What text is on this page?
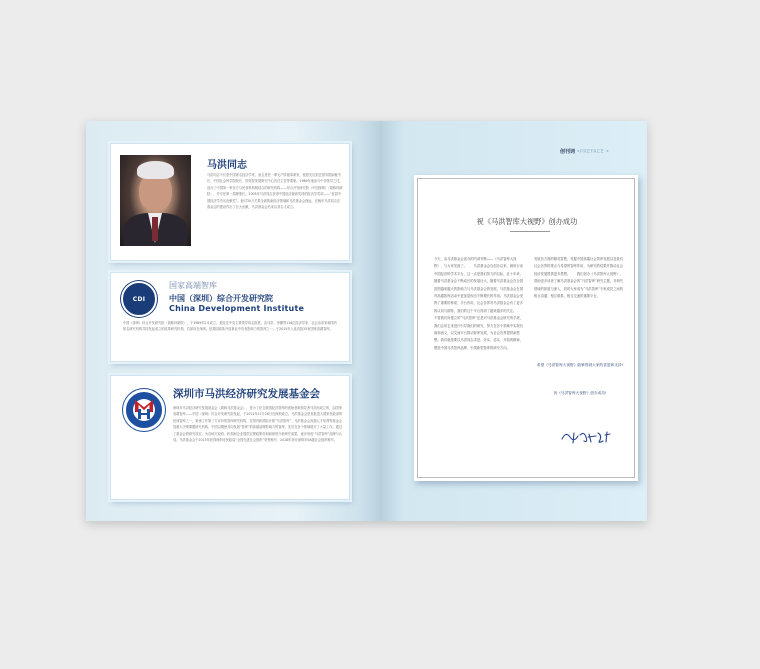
马洪同志
马洪同志不仅是中国著名经济学家，而且是老一辈无产阶级革命家，他曾先后担任国务院副秘书长、中国社会科学院院长、国务院发展研究中心首任主任等要职。1989年他参与中央领导之托，创办了中国第一家官方与民营机构相结合的研究机构——综合开发研究院（中国深圳）（简称综研院），并专任第一届理事长。2005年马洪同志获得中国经济最高奖项的经济学奖项——“首届中国经济学杰出贡献奖”。他对30万关系全面的新经济领域和马洪基金会深远，在晚年马洪同志在基金会的建设作出了巨大贡献，马洪基金会后来以其名义成立。
CDI
国家高端智库
中国（深圳）综合开发研究院
China Development Institute
中国（深圳）综合开发研究院（简称综研院），于1989年2月成立，是经过中央主要领导同志批准，由马洪、李灏等116位经济学家、社会活动家和国内知名研究机构共同发起成立的改革研究机构，总部设在深圳。是我国改革开放事业中具有影响力的智库之一，于2015年入选首批25家国家高端智库。
深圳市马洪经济研究发展基金会
深圳市马洪经济研究发展基金会（简称马洪基金会），是为了纪念我国经济智库的创始者和领导者马洪而成立的，由国家高端智库——中国（深圳）综合开发研究院发起，于2011年11月26日在深圳成立。马洪基金会是首批进入国家民政部的民间智库之一，秉承工作第三方评价的智库研究机构，在国内和国际开展“马洪智库”，马洪基金会高端人才培养等基金会同重大决策课题研究机构，中国以期使共同发展“智库”的高端品牌影响力的智库。先后在各个领域展开了大量工作。通过了基金会的研究项目，为各地方政府、机构和企业提供宏观政策咨询和深度分析研究成果，逐步形成“马洪智库”品牌与认同。马洪基金会于2015年获得深圳市民政局“全国先进社会组织”荣誉称号，2018年获评深圳市5A级社会组织称号。
创刊词 •PREFACE •
祝《马洪智库大视野》创办成功
今天，由马洪基金会创办的内部刊物——《马洪智库大视野》，与大家见面了。　　马洪基金会自创办以来，就用行动中国经济的学术平台，这一点是我们努力的目标，近十年来，随着马洪基金会不断成长的发展壮大，随着马洪基金会在全国范围越来越大的影响力与马洪基金会的发展，马洪基金会在国内高端智库活动中更加显现出不断增长的作用。马洪基金会发挥了重要的桥梁、平台作用，社会各界对马洪基金会有了更多的认同与期待，我们的这个平台得到了越来越多的关注。　　不管我们所建立的“马洪智库”还是对马洪基金会研究的学者，我们会用它来进行引导我们的研究，努力在各个领域中实现价值和意义，以交流平台推动智库发展，为社会各界提供新思想。我们就是要以马洪同志求是、务实、忠实、开拓的精神，塑造中国马洪智库品牌，引领新型智库的研究方向。
发展各方面的精英智慧，发掘中国高端社会智库发展以及我们社会各界的观点与希望的智库作用，为研究的结果并推动社会经济发展提供更多思想。　　我们创办《马洪智库大视野》，帮助更多读者了解马洪基金会的“马洪智库”研究主题，对研究领域的拓展与深入，同时大家成为“马洪智库”专家成员之间的相互沟通、相互联系、相互交流的重要平台。
希望《马洪智库大视野》能够得到大家的喜爱和支持!
祝《马洪智库大视野》创办成功!
